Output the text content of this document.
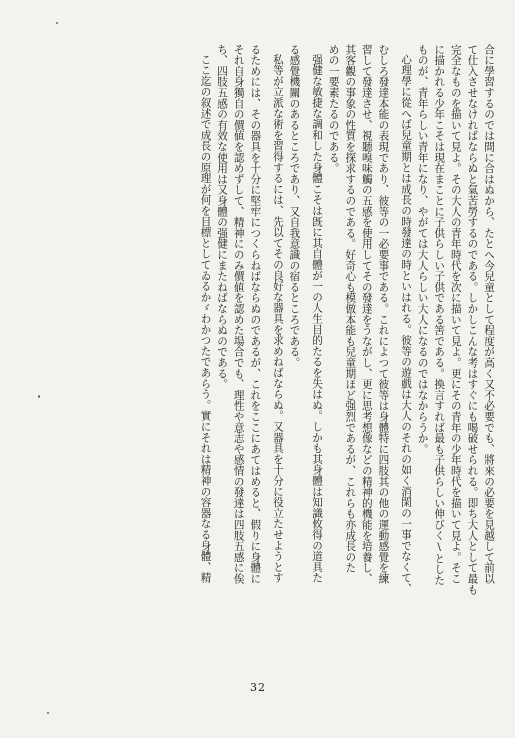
合に學習するのでは間に合はぬから、たとへ今兒童として程度が高く又不必要でも、將來の必要を見越して前以
て仕入させなければならぬと氣苦勞するのである。しかしこんな考はすぐにも喝破せられる。即ち大人として最も
完全なものを描いて見よ。その大人の青年時代を次に描いて見よ。更にその青年の少年時代を描いて見よ。そこ
に描かれる少年こそは現在まことに子供らしい子供である筈である。換言すれば最も子供らしい伸びく\とした
ものが、青年らしい青年になり、やがては大人らしい大人になるのではなからうか。
心理學に從へば兒童期とは成長の時發達の時といはれる。彼等の遊戲は大人のそれの如く消閑の一事でなくて、
むしろ發達本能の表現であり、彼等の一必要事である。これによつて彼等は身體特に四肢其の他の運動感覺を練
習して發達させ、視聽嗅味觸の五感を使用してその發達をうながし、更に思考想像などの精神的機能を培養し、
其客觀の事象の性質を探求するのである。好奇心も模倣本能も兒童期ほど强烈であるが、これらも亦成長のた
めの一要素たるのである。
强健な敏捷な調和した身體こそは旣に其自體が一の人生目的たるを失はぬ。しかも其身體は知識攸得の道具た
る感覺機關のあるところであり、又自我意識の宿るところである。
私等が立派な術を習得するには、先以てその良好な器具を求めねばならぬ。又器具を十分に役立たせようとす
るためには、その器具を十分に堅牢につくらねばならぬのであるが、これをここにあてはめると、假りに身體に
それ自身獨自の價値を認めずして、精神にのみ價値を認めた場合でも、理性や意志や感情の發達は四肢五感に俟
ち、四肢五感の有效な使用は又身體の强健にまたねばならぬのである。
ここ迄の叙述で成長の原理が何を目標としてゐるかゞわかつたであらう。實にそれは精神の容器なる身體、精
32
